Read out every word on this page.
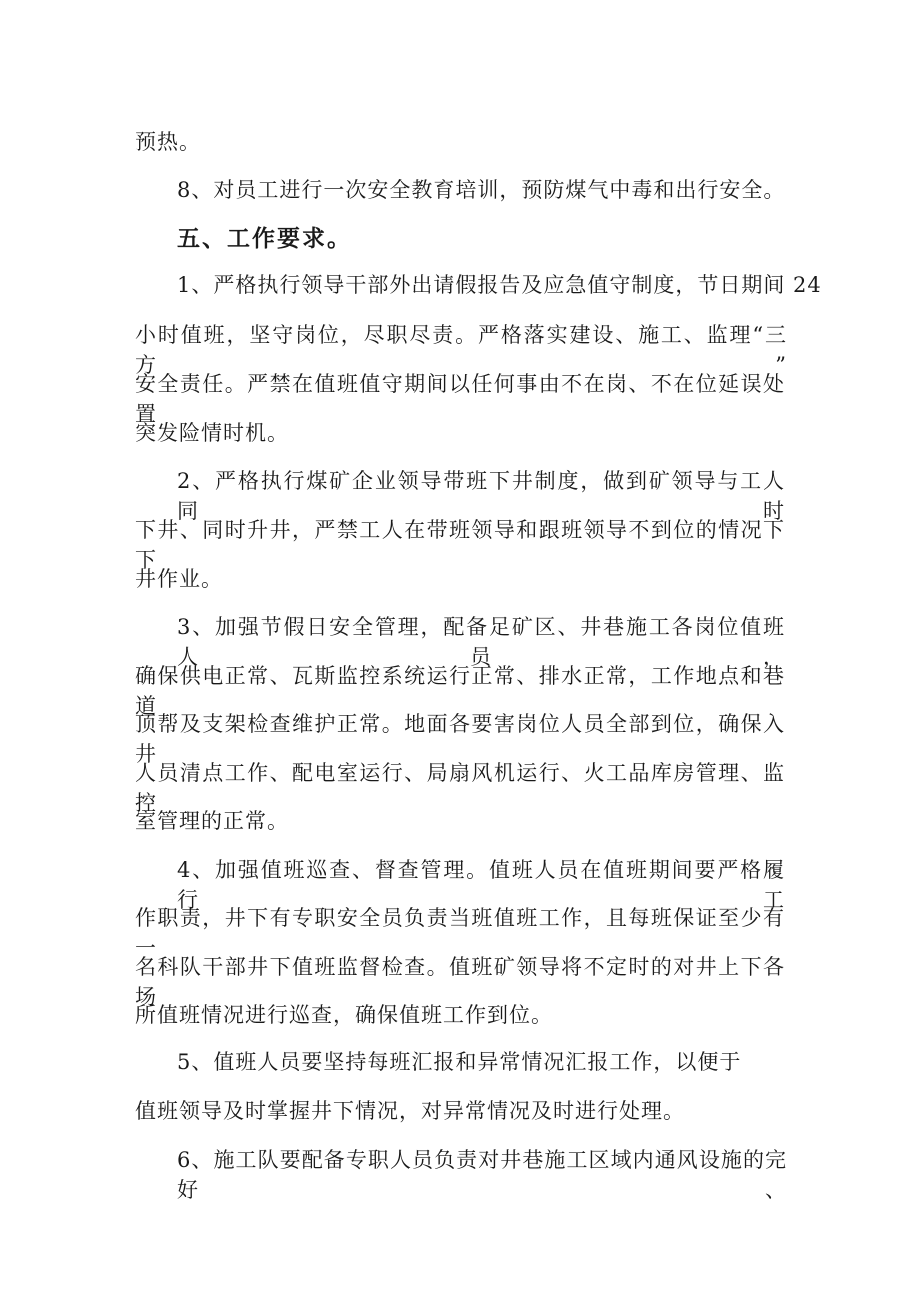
预热。

8、对员工进行一次安全教育培训，预防煤气中毒和出行安全。

五、工作要求。

1、严格执行领导干部外出请假报告及应急值守制度，节日期间 24

小时值班，坚守岗位，尽职尽责。严格落实建设、施工、监理“三方”

安全责任。严禁在值班值守期间以任何事由不在岗、不在位延误处置

突发险情时机。

2、严格执行煤矿企业领导带班下井制度，做到矿领导与工人同时

下井、同时升井，严禁工人在带班领导和跟班领导不到位的情况下下

井作业。

3、加强节假日安全管理，配备足矿区、井巷施工各岗位值班人员，

确保供电正常、瓦斯监控系统运行正常、排水正常，工作地点和巷道

顶帮及支架检查维护正常。地面各要害岗位人员全部到位，确保入井

人员清点工作、配电室运行、局扇风机运行、火工品库房管理、监控

室管理的正常。

4、加强值班巡查、督查管理。值班人员在值班期间要严格履行工

作职责，井下有专职安全员负责当班值班工作，且每班保证至少有一

名科队干部井下值班监督检查。值班矿领导将不定时的对井上下各场

所值班情况进行巡查，确保值班工作到位。

5、值班人员要坚持每班汇报和异常情况汇报工作，以便于

值班领导及时掌握井下情况，对异常情况及时进行处理。

6、施工队要配备专职人员负责对井巷施工区域内通风设施的完好、
